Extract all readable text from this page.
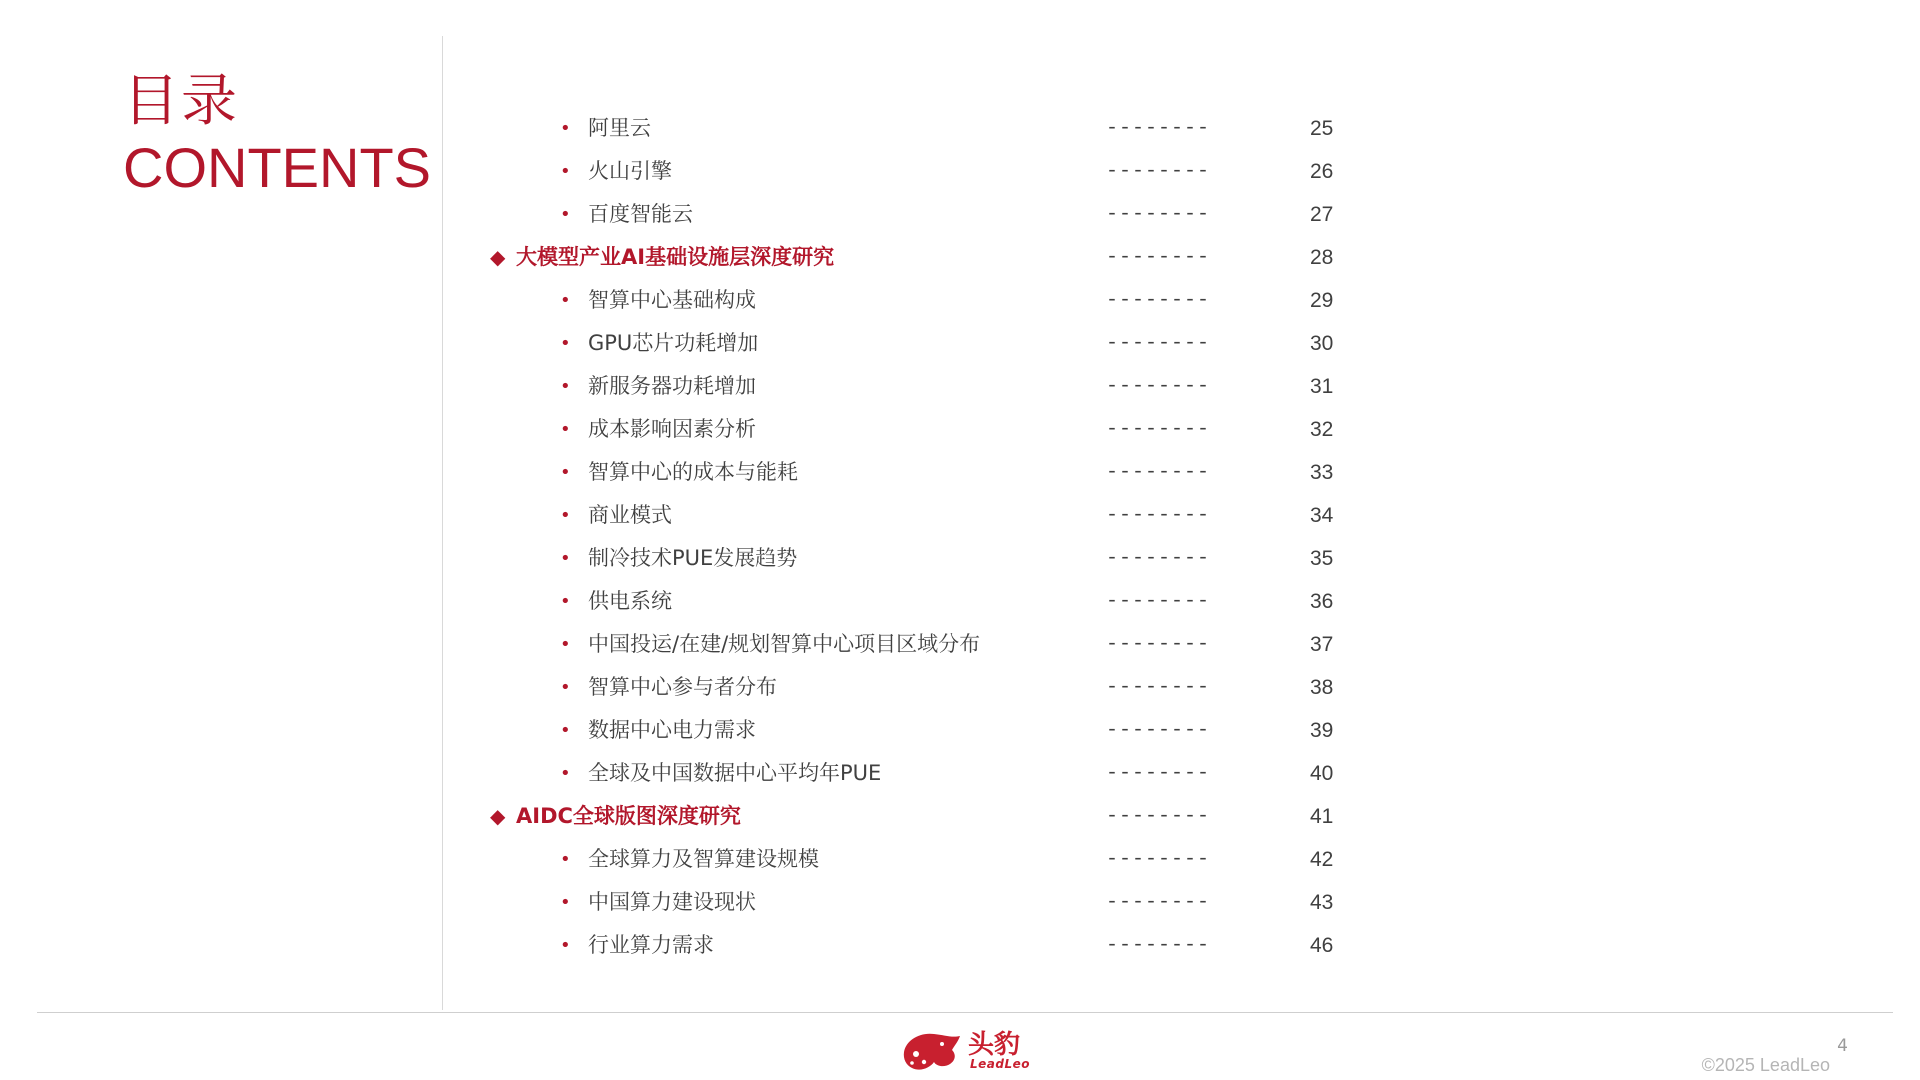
目录
CONTENTS
• 阿里云	--------	25
• 火山引擎	--------	26
• 百度智能云	--------	27
◆ 大模型产业AI基础设施层深度研究	--------	28
• 智算中心基础构成	--------	29
• GPU芯片功耗增加	--------	30
• 新服务器功耗增加	--------	31
• 成本影响因素分析	--------	32
• 智算中心的成本与能耗	--------	33
• 商业模式	--------	34
• 制冷技术PUE发展趋势	--------	35
• 供电系统	--------	36
• 中国投运/在建/规划智算中心项目区域分布	--------	37
• 智算中心参与者分布	--------	38
• 数据中心电力需求	--------	39
• 全球及中国数据中心平均年PUE	--------	40
◆ AIDC全球版图深度研究	--------	41
• 全球算力及智算建设规模	--------	42
• 中国算力建设现状	--------	43
• 行业算力需求	--------	46
头豹
LeadLeo
4
©2025 LeadLeo
